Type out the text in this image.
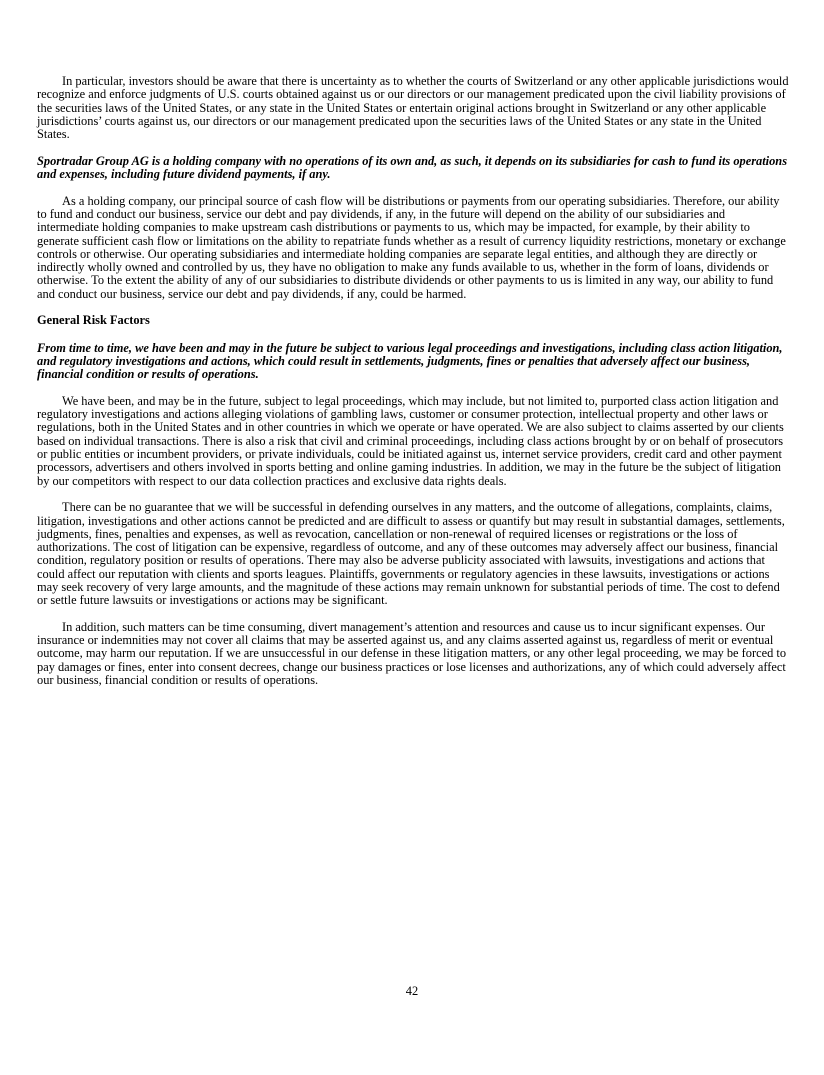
In particular, investors should be aware that there is uncertainty as to whether the courts of Switzerland or any other applicable jurisdictions would recognize and enforce judgments of U.S. courts obtained against us or our directors or our management predicated upon the civil liability provisions of the securities laws of the United States, or any state in the United States or entertain original actions brought in Switzerland or any other applicable jurisdictions’ courts against us, our directors or our management predicated upon the securities laws of the United States or any state in the United States.

Sportradar Group AG is a holding company with no operations of its own and, as such, it depends on its subsidiaries for cash to fund its operations and expenses, including future dividend payments, if any.

As a holding company, our principal source of cash flow will be distributions or payments from our operating subsidiaries. Therefore, our ability to fund and conduct our business, service our debt and pay dividends, if any, in the future will depend on the ability of our subsidiaries and intermediate holding companies to make upstream cash distributions or payments to us, which may be impacted, for example, by their ability to generate sufficient cash flow or limitations on the ability to repatriate funds whether as a result of currency liquidity restrictions, monetary or exchange controls or otherwise. Our operating subsidiaries and intermediate holding companies are separate legal entities, and although they are directly or indirectly wholly owned and controlled by us, they have no obligation to make any funds available to us, whether in the form of loans, dividends or otherwise. To the extent the ability of any of our subsidiaries to distribute dividends or other payments to us is limited in any way, our ability to fund and conduct our business, service our debt and pay dividends, if any, could be harmed.

General Risk Factors

From time to time, we have been and may in the future be subject to various legal proceedings and investigations, including class action litigation, and regulatory investigations and actions, which could result in settlements, judgments, fines or penalties that adversely affect our business, financial condition or results of operations.

We have been, and may be in the future, subject to legal proceedings, which may include, but not limited to, purported class action litigation and regulatory investigations and actions alleging violations of gambling laws, customer or consumer protection, intellectual property and other laws or regulations, both in the United States and in other countries in which we operate or have operated. We are also subject to claims asserted by our clients based on individual transactions. There is also a risk that civil and criminal proceedings, including class actions brought by or on behalf of prosecutors or public entities or incumbent providers, or private individuals, could be initiated against us, internet service providers, credit card and other payment processors, advertisers and others involved in sports betting and online gaming industries. In addition, we may in the future be the subject of litigation by our competitors with respect to our data collection practices and exclusive data rights deals.

There can be no guarantee that we will be successful in defending ourselves in any matters, and the outcome of allegations, complaints, claims, litigation, investigations and other actions cannot be predicted and are difficult to assess or quantify but may result in substantial damages, settlements, judgments, fines, penalties and expenses, as well as revocation, cancellation or non-renewal of required licenses or registrations or the loss of authorizations. The cost of litigation can be expensive, regardless of outcome, and any of these outcomes may adversely affect our business, financial condition, regulatory position or results of operations. There may also be adverse publicity associated with lawsuits, investigations and actions that could affect our reputation with clients and sports leagues. Plaintiffs, governments or regulatory agencies in these lawsuits, investigations or actions may seek recovery of very large amounts, and the magnitude of these actions may remain unknown for substantial periods of time. The cost to defend or settle future lawsuits or investigations or actions may be significant.

In addition, such matters can be time consuming, divert management’s attention and resources and cause us to incur significant expenses. Our insurance or indemnities may not cover all claims that may be asserted against us, and any claims asserted against us, regardless of merit or eventual outcome, may harm our reputation. If we are unsuccessful in our defense in these litigation matters, or any other legal proceeding, we may be forced to pay damages or fines, enter into consent decrees, change our business practices or lose licenses and authorizations, any of which could adversely affect our business, financial condition or results of operations.

42
